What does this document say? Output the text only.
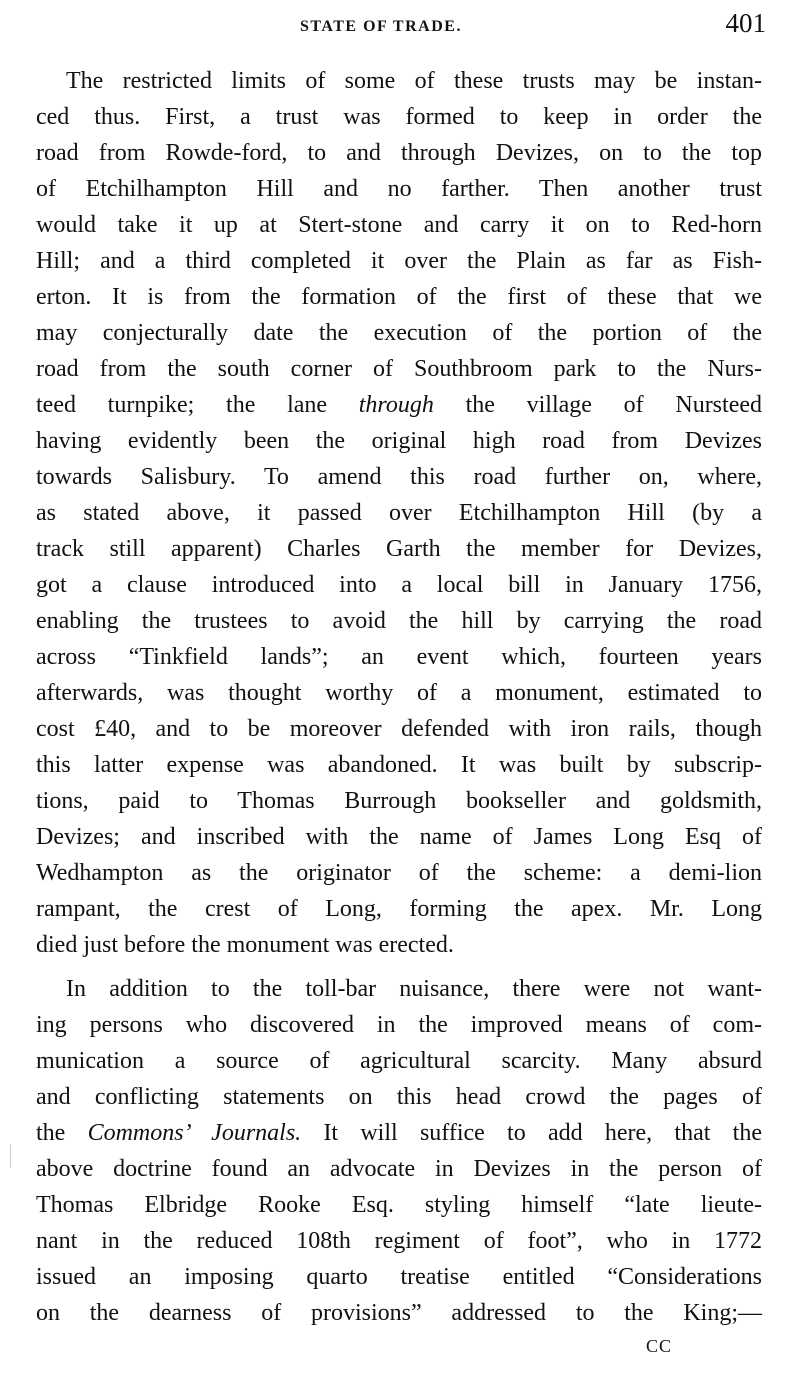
STATE OF TRADE.	401
The restricted limits of some of these trusts may be instan-
ced thus. First, a trust was formed to keep in order the
road from Rowde-ford, to and through Devizes, on to the top
of Etchilhampton Hill and no farther. Then another trust
would take it up at Stert-stone and carry it on to Red-horn
Hill; and a third completed it over the Plain as far as Fish-
erton. It is from the formation of the first of these that we
may conjecturally date the execution of the portion of the
road from the south corner of Southbroom park to the Nurs-
teed turnpike; the lane through the village of Nursteed
having evidently been the original high road from Devizes
towards Salisbury. To amend this road further on, where,
as stated above, it passed over Etchilhampton Hill (by a
track still apparent) Charles Garth the member for Devizes,
got a clause introduced into a local bill in January 1756,
enabling the trustees to avoid the hill by carrying the road
across “Tinkfield lands”; an event which, fourteen years
afterwards, was thought worthy of a monument, estimated to
cost £40, and to be moreover defended with iron rails, though
this latter expense was abandoned. It was built by subscrip-
tions, paid to Thomas Burrough bookseller and goldsmith,
Devizes; and inscribed with the name of James Long Esq of
Wedhampton as the originator of the scheme: a demi-lion
rampant, the crest of Long, forming the apex. Mr. Long
died just before the monument was erected.
In addition to the toll-bar nuisance, there were not want-
ing persons who discovered in the improved means of com-
munication a source of agricultural scarcity. Many absurd
and conflicting statements on this head crowd the pages of
the Commons’ Journals. It will suffice to add here, that the
above doctrine found an advocate in Devizes in the person of
Thomas Elbridge Rooke Esq. styling himself “late lieute-
nant in the reduced 108th regiment of foot”, who in 1772
issued an imposing quarto treatise entitled “Considerations
on the dearness of provisions” addressed to the King;—
CC
